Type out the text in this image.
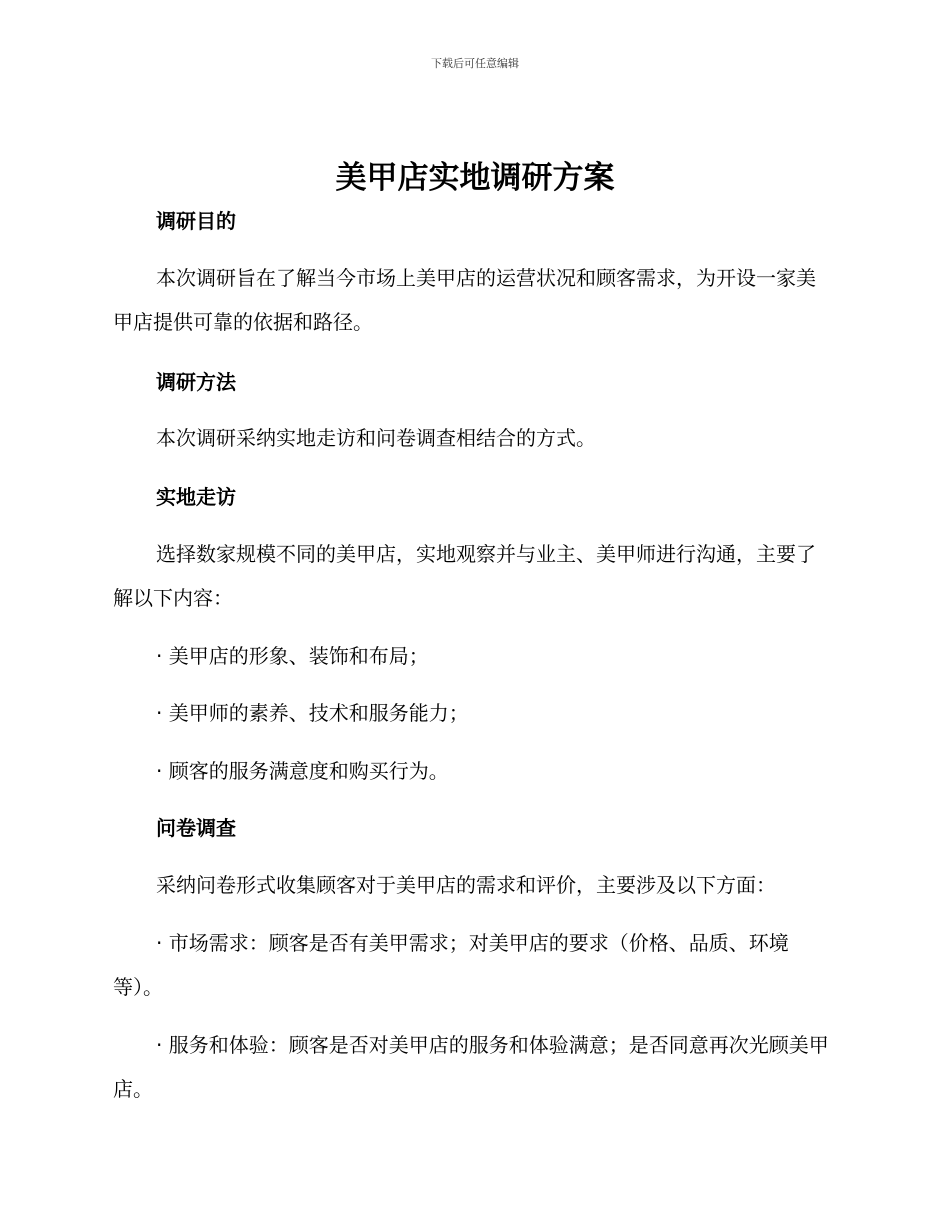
下载后可任意编辑
美甲店实地调研方案
调研目的
本次调研旨在了解当今市场上美甲店的运营状况和顾客需求，为开设一家美甲店提供可靠的依据和路径。
调研方法
本次调研采纳实地走访和问卷调查相结合的方式。
实地走访
选择数家规模不同的美甲店，实地观察并与业主、美甲师进行沟通，主要了解以下内容：
· 美甲店的形象、装饰和布局；
· 美甲师的素养、技术和服务能力；
· 顾客的服务满意度和购买行为。
问卷调查
采纳问卷形式收集顾客对于美甲店的需求和评价，主要涉及以下方面：
· 市场需求：顾客是否有美甲需求；对美甲店的要求（价格、品质、环境等）。
· 服务和体验：顾客是否对美甲店的服务和体验满意；是否同意再次光顾美甲店。
